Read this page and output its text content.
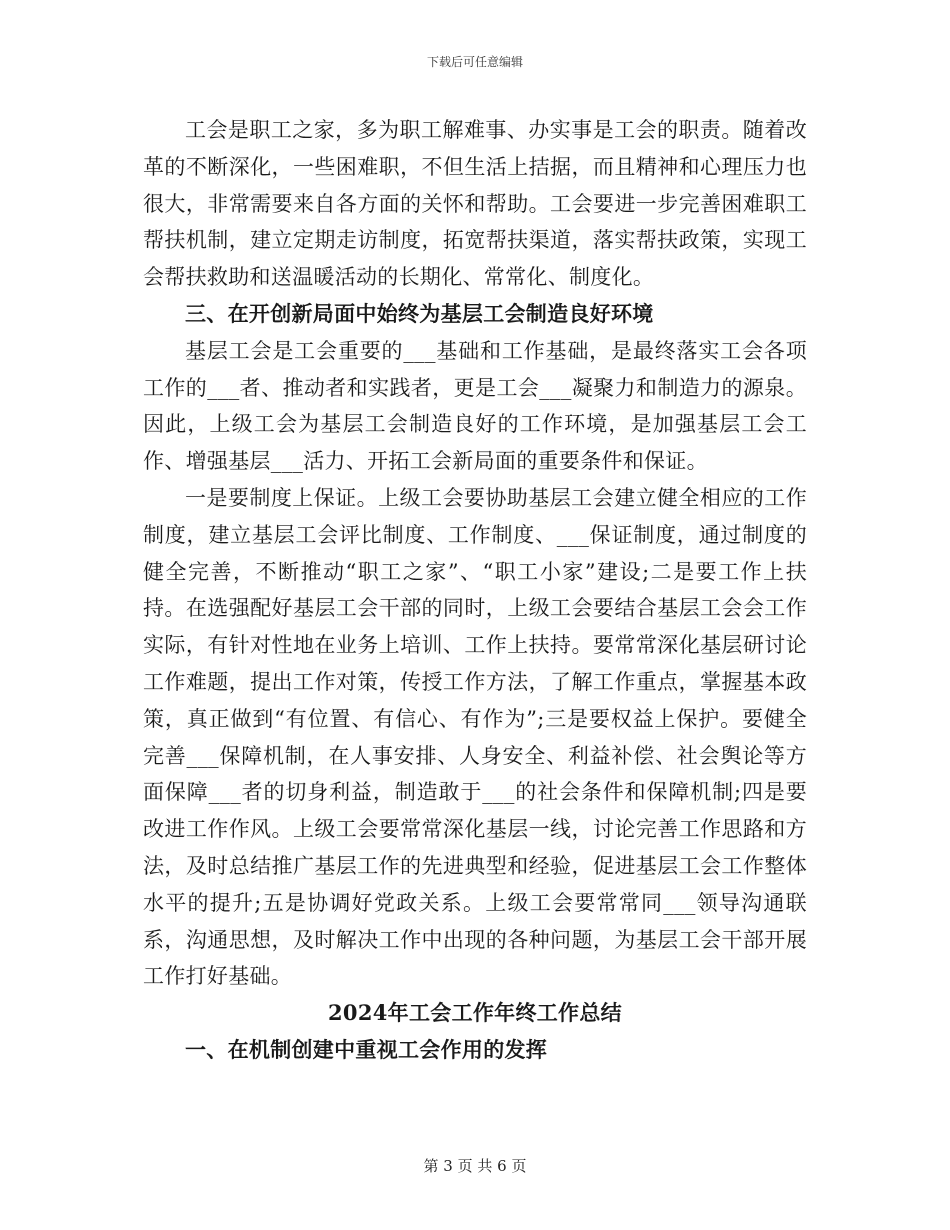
下载后可任意编辑

工会是职工之家，多为职工解难事、办实事是工会的职责。随着改革的不断深化，一些困难职，不但生活上拮据，而且精神和心理压力也很大，非常需要来自各方面的关怀和帮助。工会要进一步完善困难职工帮扶机制，建立定期走访制度，拓宽帮扶渠道，落实帮扶政策，实现工会帮扶救助和送温暖活动的长期化、常常化、制度化。

三、在开创新局面中始终为基层工会制造良好环境

基层工会是工会重要的___基础和工作基础，是最终落实工会各项工作的___者、推动者和实践者，更是工会___凝聚力和制造力的源泉。因此，上级工会为基层工会制造良好的工作环境，是加强基层工会工作、增强基层___活力、开拓工会新局面的重要条件和保证。

一是要制度上保证。上级工会要协助基层工会建立健全相应的工作制度，建立基层工会评比制度、工作制度、___保证制度，通过制度的健全完善，不断推动“职工之家”、“职工小家”建设;二是要工作上扶持。在选强配好基层工会干部的同时，上级工会要结合基层工会会工作实际，有针对性地在业务上培训、工作上扶持。要常常深化基层研讨论工作难题，提出工作对策，传授工作方法，了解工作重点，掌握基本政策，真正做到“有位置、有信心、有作为”;三是要权益上保护。要健全完善___保障机制，在人事安排、人身安全、利益补偿、社会舆论等方面保障___者的切身利益，制造敢于___的社会条件和保障机制;四是要改进工作作风。上级工会要常常深化基层一线，讨论完善工作思路和方法，及时总结推广基层工作的先进典型和经验，促进基层工会工作整体水平的提升;五是协调好党政关系。上级工会要常常同___领导沟通联系，沟通思想，及时解决工作中出现的各种问题，为基层工会干部开展工作打好基础。

2024年工会工作年终工作总结

一、在机制创建中重视工会作用的发挥

第 3 页 共 6 页
